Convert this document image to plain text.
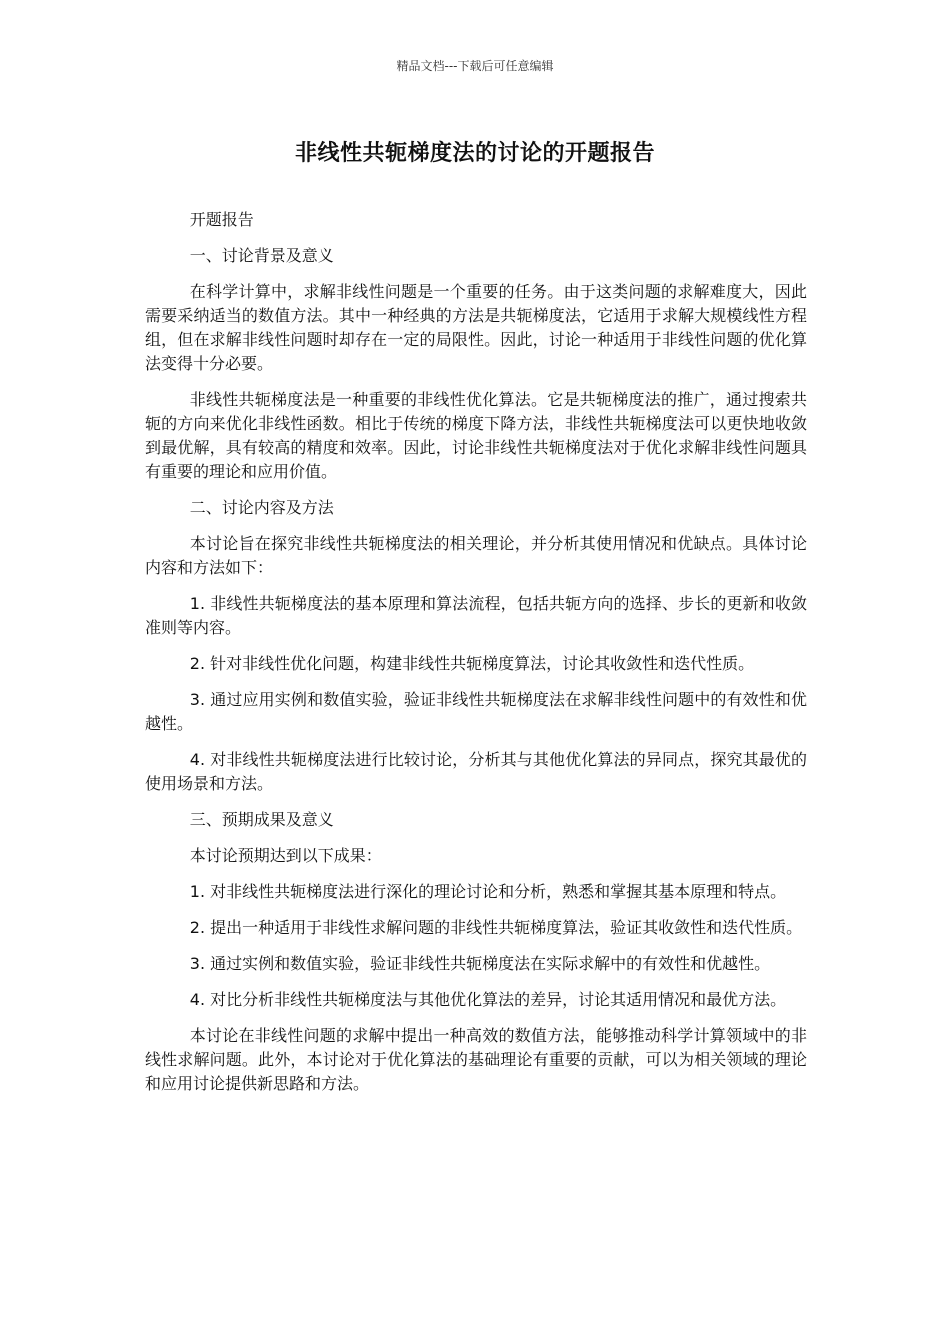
精品文档---下载后可任意编辑
非线性共轭梯度法的讨论的开题报告

开题报告

一、讨论背景及意义

在科学计算中，求解非线性问题是一个重要的任务。由于这类问题的求解难度大，因此需要采纳适当的数值方法。其中一种经典的方法是共轭梯度法，它适用于求解大规模线性方程组，但在求解非线性问题时却存在一定的局限性。因此，讨论一种适用于非线性问题的优化算法变得十分必要。

非线性共轭梯度法是一种重要的非线性优化算法。它是共轭梯度法的推广，通过搜索共轭的方向来优化非线性函数。相比于传统的梯度下降方法，非线性共轭梯度法可以更快地收敛到最优解，具有较高的精度和效率。因此，讨论非线性共轭梯度法对于优化求解非线性问题具有重要的理论和应用价值。

二、讨论内容及方法

本讨论旨在探究非线性共轭梯度法的相关理论，并分析其使用情况和优缺点。具体讨论内容和方法如下：

1. 非线性共轭梯度法的基本原理和算法流程，包括共轭方向的选择、步长的更新和收敛准则等内容。

2. 针对非线性优化问题，构建非线性共轭梯度算法，讨论其收敛性和迭代性质。

3. 通过应用实例和数值实验，验证非线性共轭梯度法在求解非线性问题中的有效性和优越性。

4. 对非线性共轭梯度法进行比较讨论，分析其与其他优化算法的异同点，探究其最优的使用场景和方法。

三、预期成果及意义

本讨论预期达到以下成果：

1. 对非线性共轭梯度法进行深化的理论讨论和分析，熟悉和掌握其基本原理和特点。

2. 提出一种适用于非线性求解问题的非线性共轭梯度算法，验证其收敛性和迭代性质。

3. 通过实例和数值实验，验证非线性共轭梯度法在实际求解中的有效性和优越性。

4. 对比分析非线性共轭梯度法与其他优化算法的差异，讨论其适用情况和最优方法。

本讨论在非线性问题的求解中提出一种高效的数值方法，能够推动科学计算领域中的非线性求解问题。此外，本讨论对于优化算法的基础理论有重要的贡献，可以为相关领域的理论和应用讨论提供新思路和方法。
